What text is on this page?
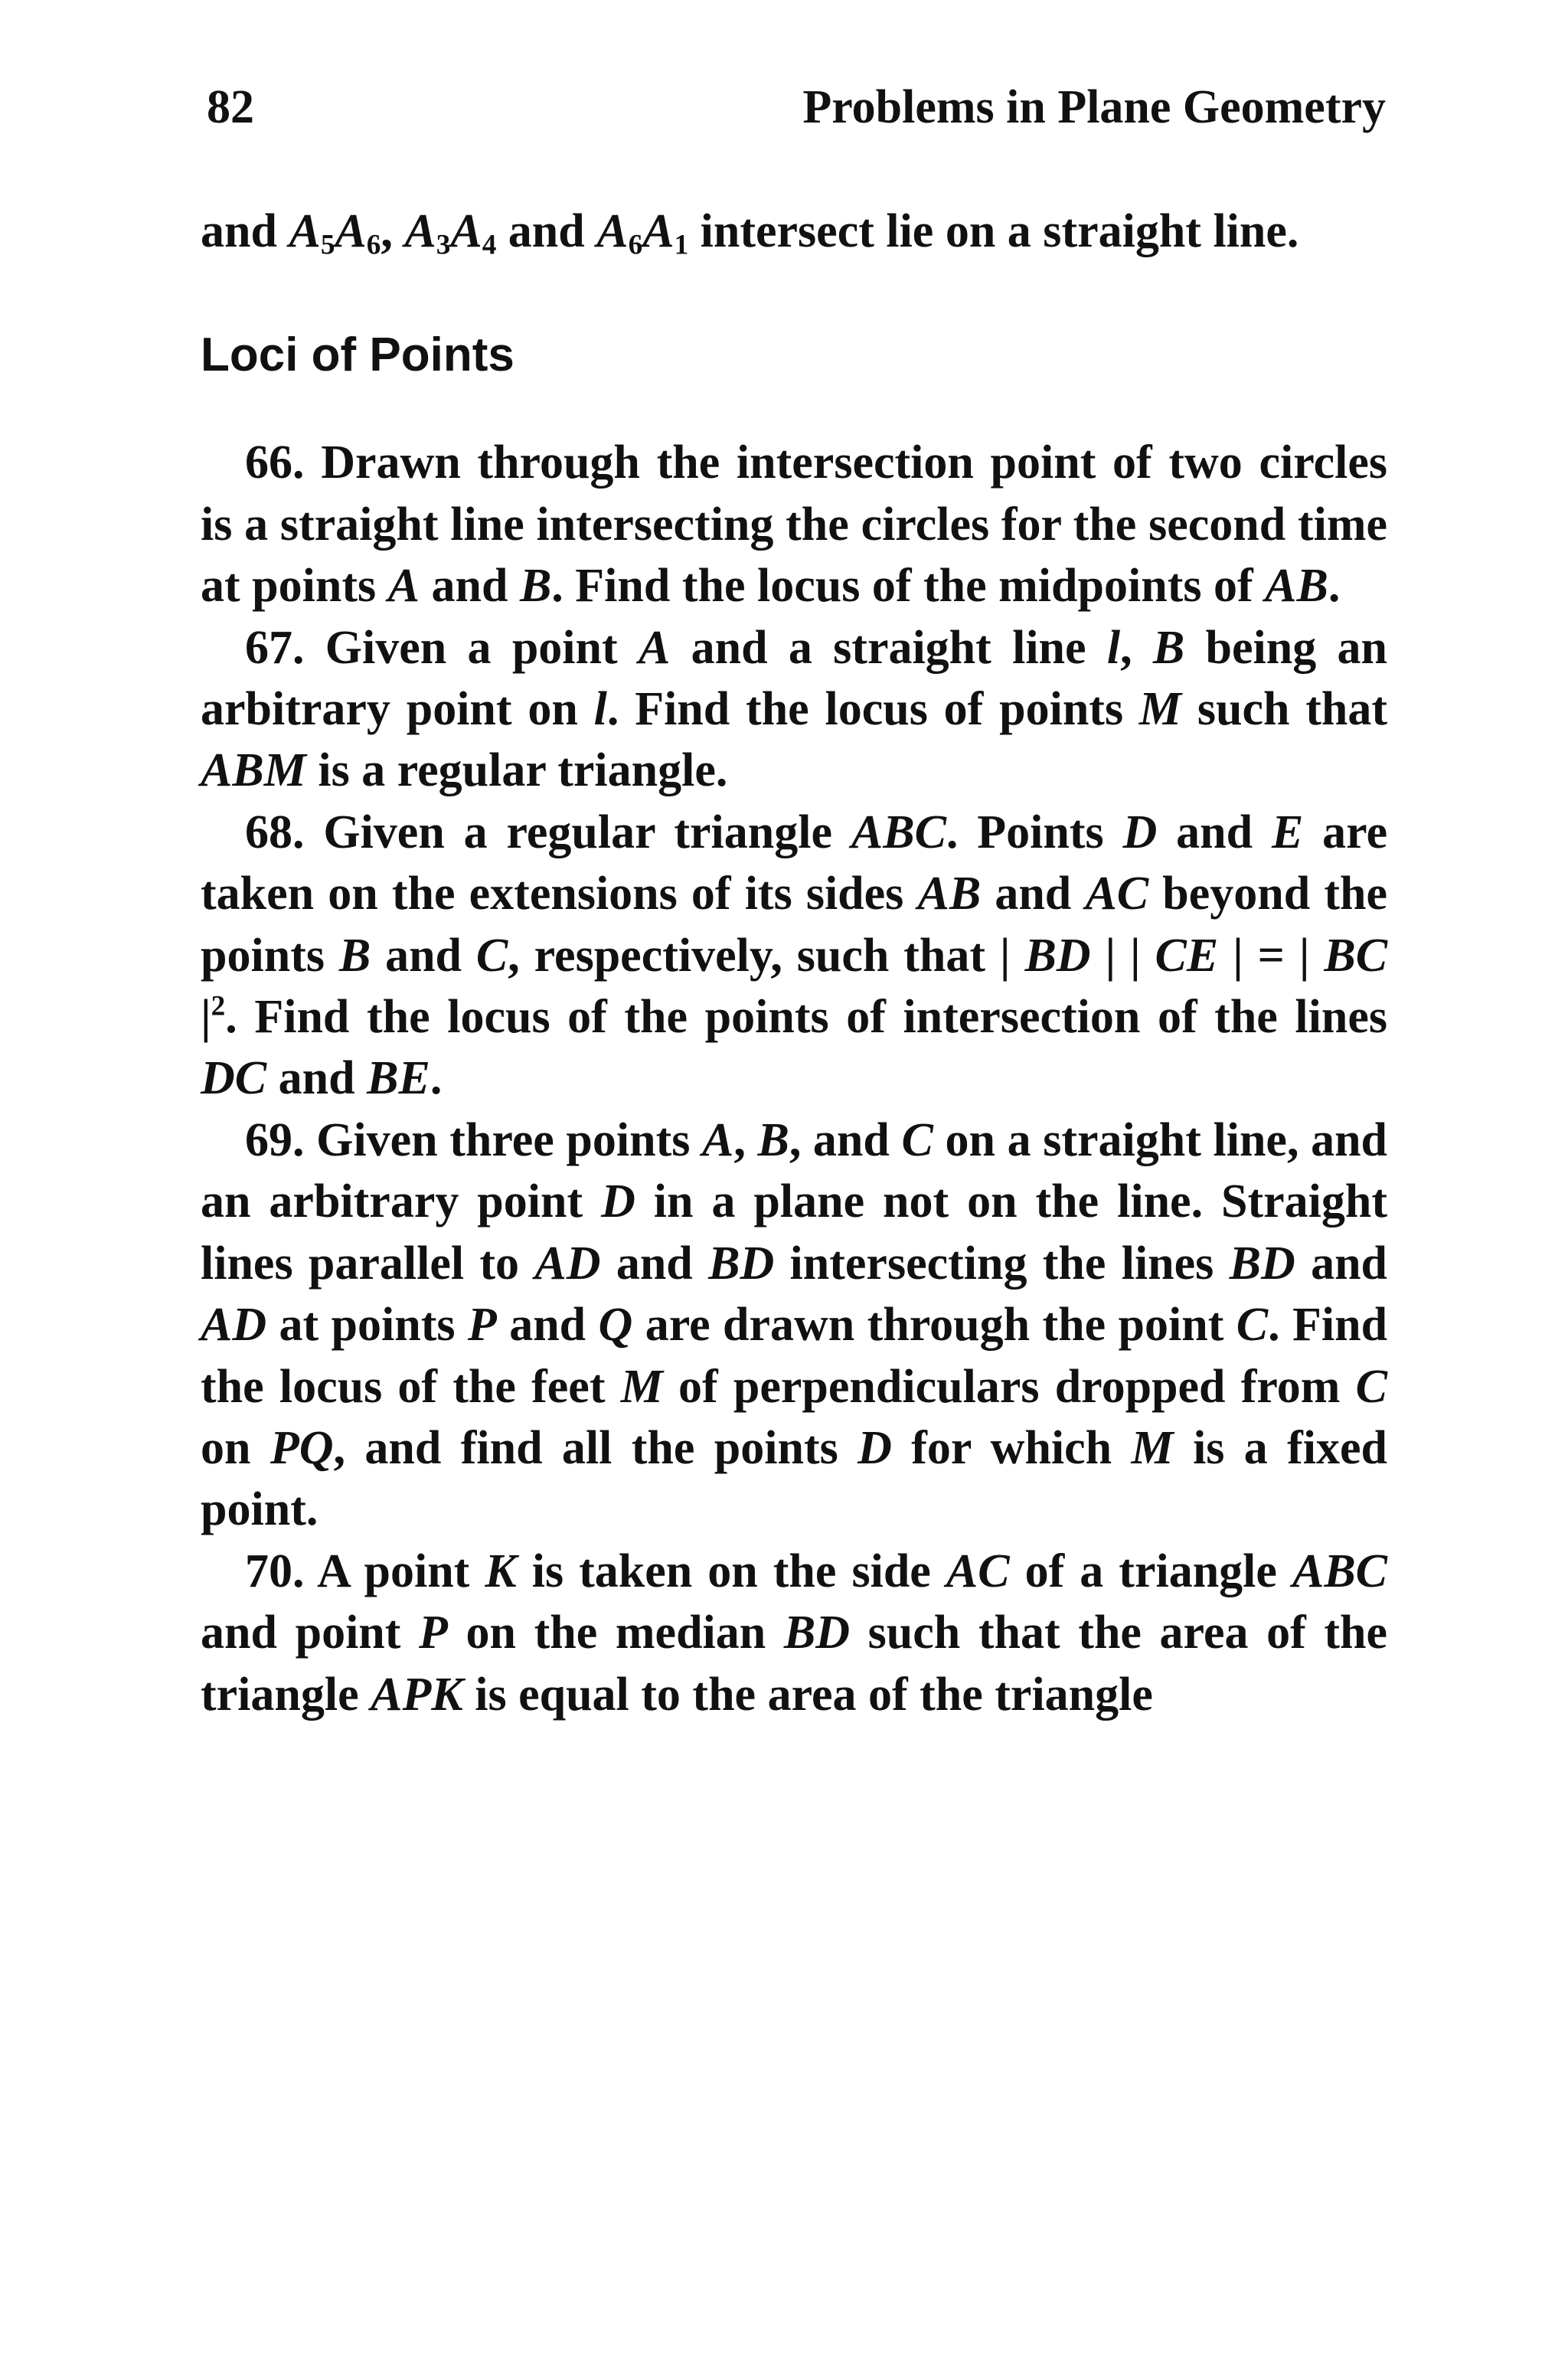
82	Problems in Plane Geometry

and $A_5A_6$, $A_3A_4$ and $A_6A_1$ intersect lie on a straight line.

Loci of Points

66. Drawn through the intersection point of two circles is a straight line intersecting the circles for the second time at points A and B. Find the locus of the midpoints of AB.

67. Given a point A and a straight line l, B being an arbitrary point on l. Find the locus of points M such that ABM is a regular triangle.

68. Given a regular triangle ABC. Points D and E are taken on the extensions of its sides AB and AC beyond the points B and C, respectively, such that | BD | | CE | = | BC $|^2$. Find the locus of the points of intersection of the lines DC and BE.

69. Given three points A, B, and C on a straight line, and an arbitrary point D in a plane not on the line. Straight lines parallel to AD and BD intersecting the lines BD and AD at points P and Q are drawn through the point C. Find the locus of the feet M of perpendiculars dropped from C on PQ, and find all the points D for which M is a fixed point.

70. A point K is taken on the side AC of a triangle ABC and point P on the median BD such that the area of the triangle APK is equal to the area of the triangle
